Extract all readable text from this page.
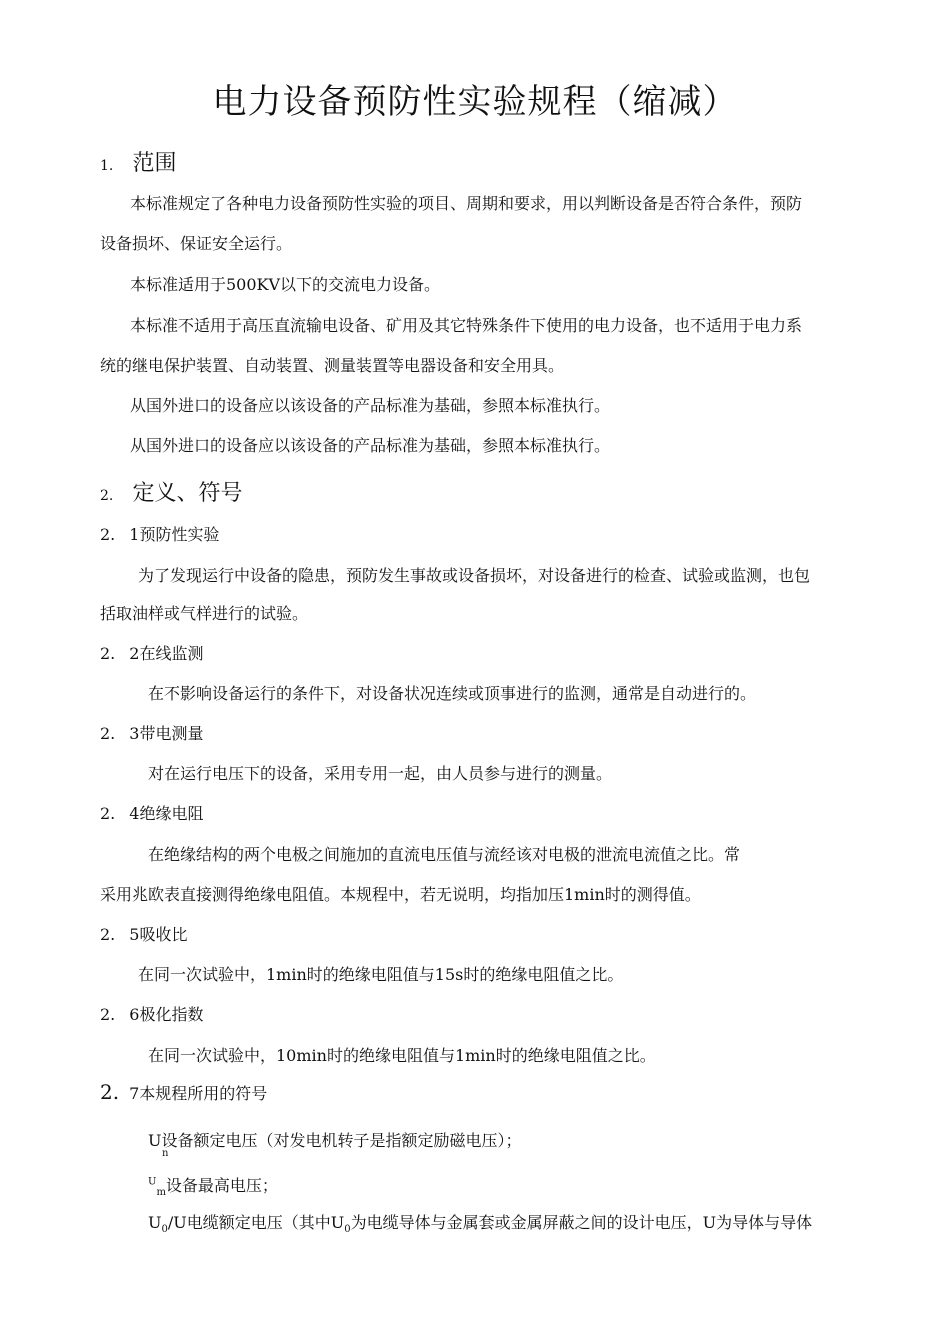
电力设备预防性实验规程（缩减）
1. 范围
本标准规定了各种电力设备预防性实验的项目、周期和要求，用以判断设备是否符合条件，预防
设备损坏、保证安全运行。
本标准适用于500KV以下的交流电力设备。
本标准不适用于高压直流输电设备、矿用及其它特殊条件下使用的电力设备，也不适用于电力系
统的继电保护装置、自动装置、测量装置等电器设备和安全用具。
从国外进口的设备应以该设备的产品标准为基础，参照本标准执行。
从国外进口的设备应以该设备的产品标准为基础，参照本标准执行。
2. 定义、符号
2. 1预防性实验
为了发现运行中设备的隐患，预防发生事故或设备损坏，对设备进行的检查、试验或监测，也包
括取油样或气样进行的试验。
2. 2在线监测
在不影响设备运行的条件下，对设备状况连续或顶事进行的监测，通常是自动进行的。
2. 3带电测量
对在运行电压下的设备，采用专用一起，由人员参与进行的测量。
2. 4绝缘电阻
在绝缘结构的两个电极之间施加的直流电压值与流经该对电极的泄流电流值之比。常
采用兆欧表直接测得绝缘电阻值。本规程中，若无说明，均指加压1min时的测得值。
2. 5吸收比
在同一次试验中，1min时的绝缘电阻值与15s时的绝缘电阻值之比。
2. 6极化指数
在同一次试验中，10min时的绝缘电阻值与1min时的绝缘电阻值之比。
2. 7本规程所用的符号
U设备额定电压（对发电机转子是指额定励磁电压）；
n
$^U_m$设备最高电压；
$U_0/U$电缆额定电压（其中$U_0$为电缆导体与金属套或金属屏蔽之间的设计电压，U为导体与导体
